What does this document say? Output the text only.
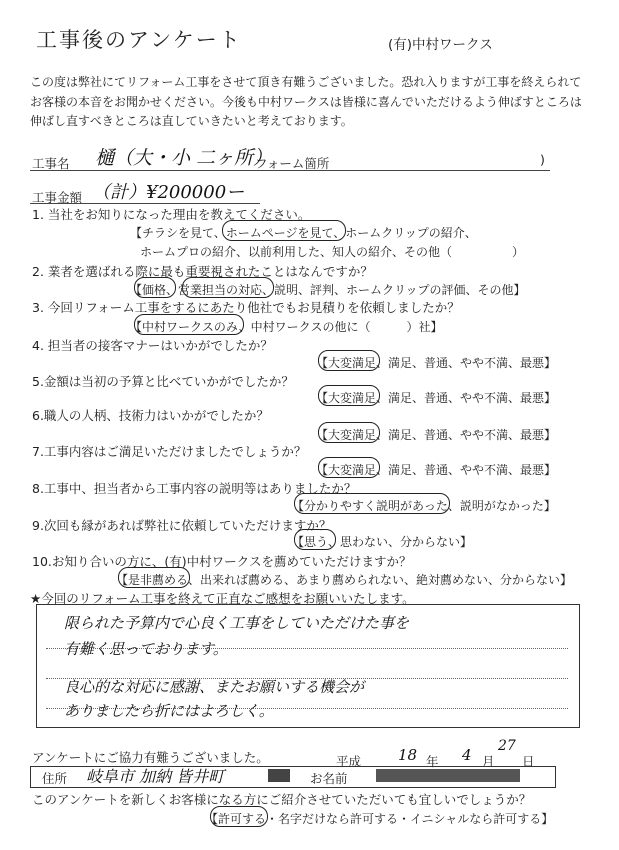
工事後のアンケート	(有)中村ワークス
この度は弊社にてリフォーム工事をさせて頂き有難うございました。恐れ入りますが工事を終えられてお客様の本音をお聞かせください。今後も中村ワークスは皆様に喜んでいただけるよう伸ばすところは伸ばし直すべきところは直していきたいと考えております。
工事名 樋（大・小 二ヶ所）
フォーム箇所	)
工事金額 （計）¥200000ー
1. 当社をお知りになった理由を教えてください。
【チラシを見て、ホームページを見て、ホームクリップの紹介、
ホームプロの紹介、以前利用した、知人の紹介、その他（　　　　　）
2. 業者を選ばれる際に最も重要視されたことはなんですか？
【価格、営業担当の対応、説明、評判、ホームクリップの評価、その他】
3. 今回リフォーム工事をするにあたり他社でもお見積りを依頼しましたか？
【中村ワークスのみ、中村ワークスの他に（　　　）社】
4. 担当者の接客マナーはいかがでしたか？
【大変満足、満足、普通、やや不満、最悪】
5.金額は当初の予算と比べていかがでしたか？
【大変満足、満足、普通、やや不満、最悪】
6.職人の人柄、技術力はいかがでしたか？
【大変満足、満足、普通、やや不満、最悪】
7.工事内容はご満足いただけましたでしょうか？
【大変満足、満足、普通、やや不満、最悪】
8.工事中、担当者から工事内容の説明等はありましたか？
【分かりやすく説明があった、説明がなかった】
9.次回も縁があれば弊社に依頼していただけますか？
【思う、思わない、分からない】
10.お知り合いの方に、(有)中村ワークスを薦めていただけますか？
【是非薦める、出来れば薦める、あまり薦められない、絶対薦めない、分からない】
★今回のリフォーム工事を終えて正直なご感想をお願いいたします。
限られた予算内で心良く工事をしていただけた事を
有難く思っております。
良心的な対応に感謝、またお願いする機会が
ありましたら折にはよろしく。
アンケートにご協力有難うございました。	平成 18 年 4 月
27
日
住所 岐阜市 加納 皆井町	お名前
このアンケートを新しくお客様になる方にご紹介させていただいても宜しいでしょうか？
【許可する・名字だけなら許可する・イニシャルなら許可する】
